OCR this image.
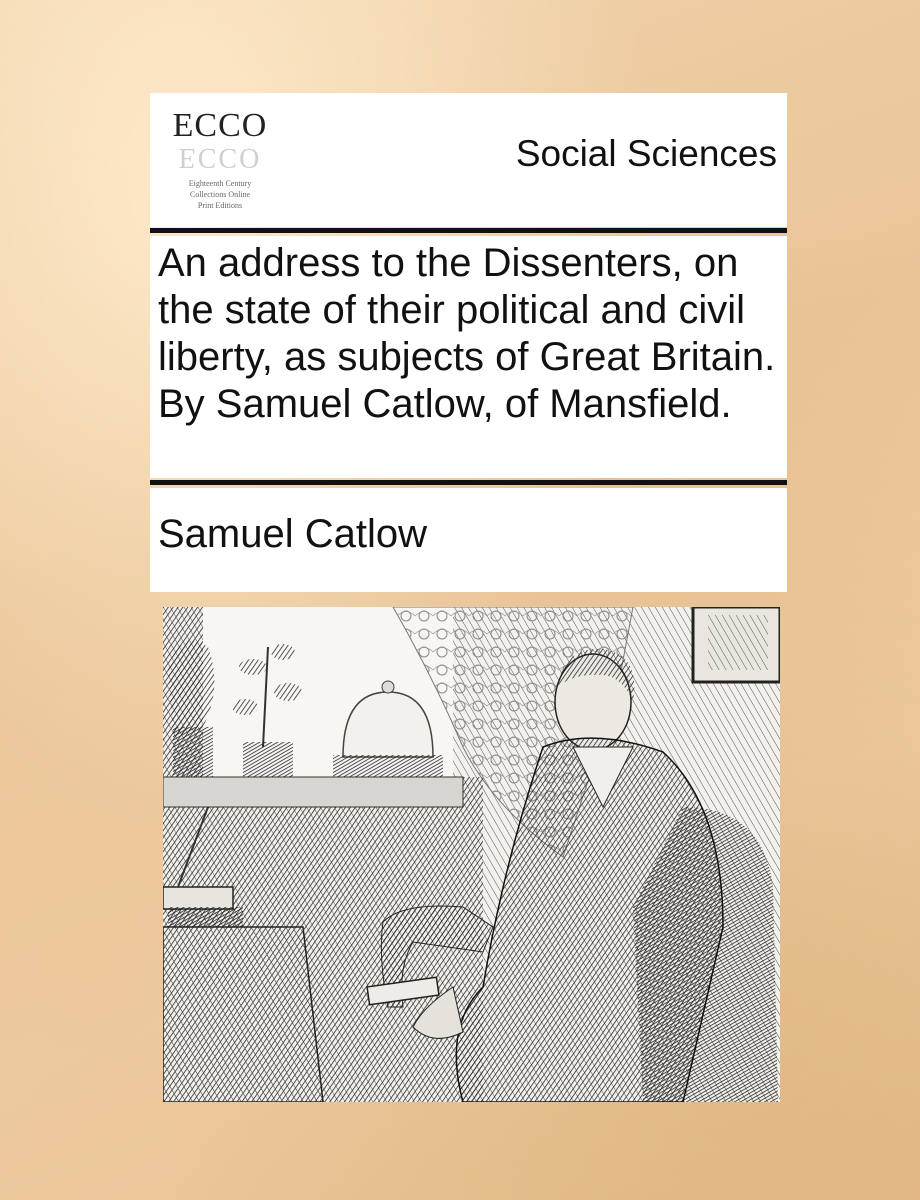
ECCO
ECCO
Eighteenth Century
Collections Online
Print Editions
Social Sciences
An address to the Dissenters, on the state of their political and civil liberty, as subjects of Great Britain. By Samuel Catlow, of Mansfield.
Samuel Catlow
